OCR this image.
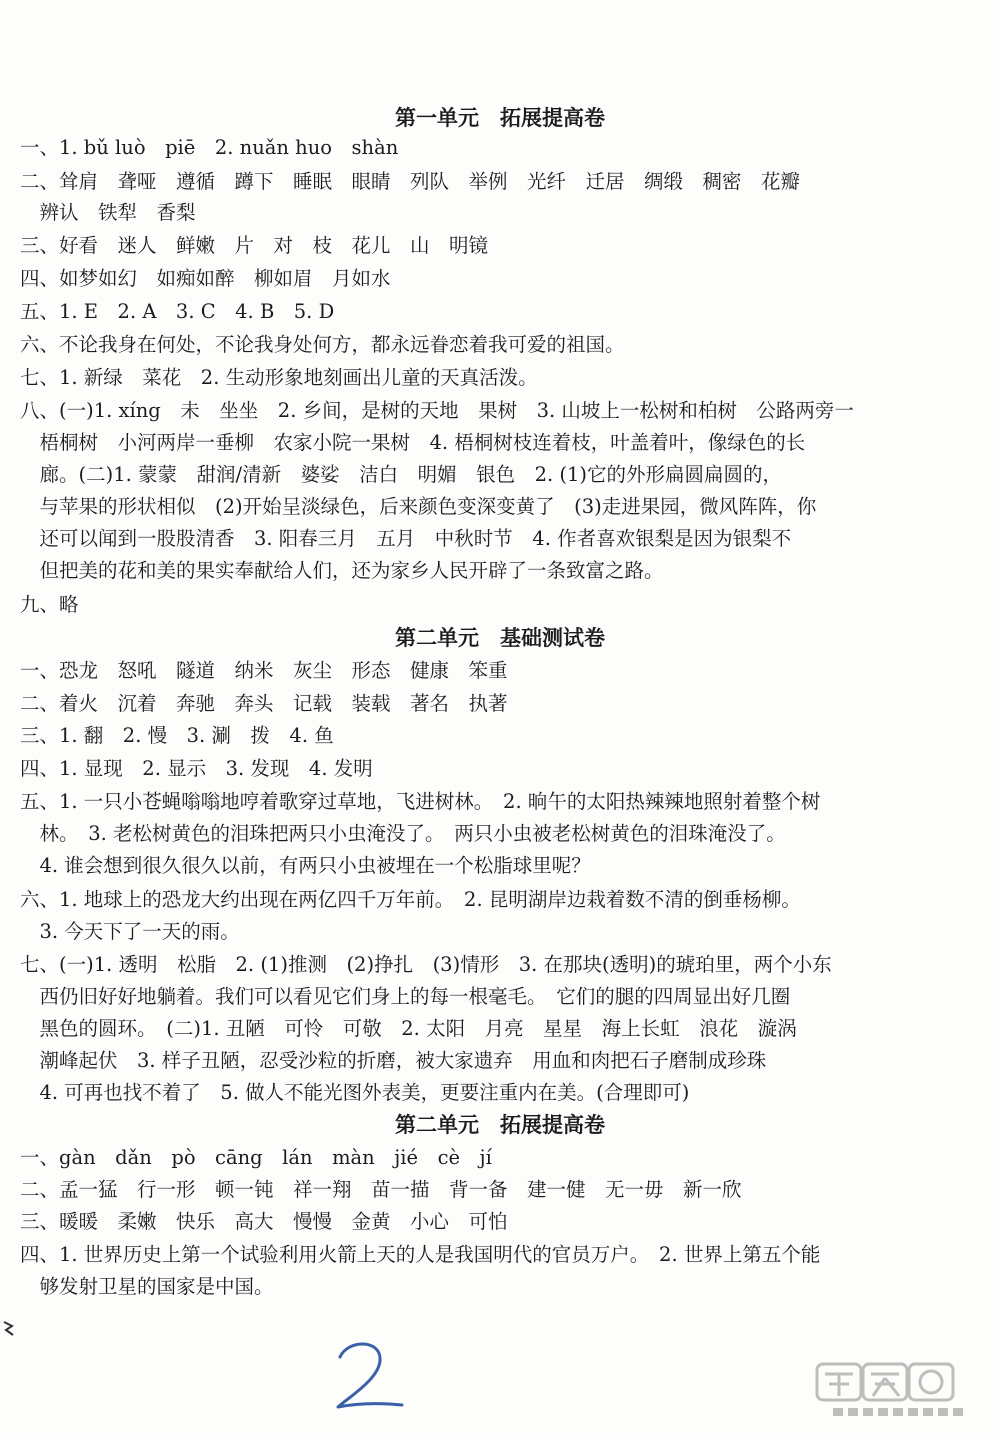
第一单元　拓展提高卷
一、1. bǔ luò　piē　2. nuǎn huo　shàn
二、耸肩　聋哑　遵循　蹲下　睡眠　眼睛　列队　举例　光纤　迁居　绸缎　稠密　花瓣
　辨认　铁犁　香梨
三、好看　迷人　鲜嫩　片　对　枝　花儿　山　明镜
四、如梦如幻　如痴如醉　柳如眉　月如水
五、1. E　2. A　3. C　4. B　5. D
六、不论我身在何处，不论我身处何方，都永远眷恋着我可爱的祖国。
七、1. 新绿　菜花　2. 生动形象地刻画出儿童的天真活泼。
八、(一)1. xíng　未　坐坐　2. 乡间，是树的天地　果树　3. 山坡上一松树和柏树　公路两旁一
　梧桐树　小河两岸一垂柳　农家小院一果树　4. 梧桐树枝连着枝，叶盖着叶，像绿色的长
　廊。(二)1. 蒙蒙　甜润/清新　婆娑　洁白　明媚　银色　2. (1)它的外形扁圆扁圆的，
　与苹果的形状相似　(2)开始呈淡绿色，后来颜色变深变黄了　(3)走进果园，微风阵阵，你
　还可以闻到一股股清香　3. 阳春三月　五月　中秋时节　4. 作者喜欢银梨是因为银梨不
　但把美的花和美的果实奉献给人们，还为家乡人民开辟了一条致富之路。
九、略
第二单元　基础测试卷
一、恐龙　怒吼　隧道　纳米　灰尘　形态　健康　笨重
二、着火　沉着　奔驰　奔头　记载　装载　著名　执著
三、1. 翻　2. 慢　3. 涮　拨　4. 鱼
四、1. 显现　2. 显示　3. 发现　4. 发明
五、1. 一只小苍蝇嗡嗡地哼着歌穿过草地，飞进树林。　2. 晌午的太阳热辣辣地照射着整个树
　林。　3. 老松树黄色的泪珠把两只小虫淹没了。　两只小虫被老松树黄色的泪珠淹没了。
　4. 谁会想到很久很久以前，有两只小虫被埋在一个松脂球里呢？
六、1. 地球上的恐龙大约出现在两亿四千万年前。　2. 昆明湖岸边栽着数不清的倒垂杨柳。
　3. 今天下了一天的雨。
七、(一)1. 透明　松脂　2. (1)推测　(2)挣扎　(3)情形　3. 在那块(透明)的琥珀里，两个小东
　西仍旧好好地躺着。我们可以看见它们身上的每一根毫毛。　它们的腿的四周显出好几圈
　黑色的圆环。　(二)1. 丑陋　可怜　可敬　2. 太阳　月亮　星星　海上长虹　浪花　漩涡
　潮峰起伏　3. 样子丑陋，忍受沙粒的折磨，被大家遗弃　用血和肉把石子磨制成珍珠
　4. 可再也找不着了　5. 做人不能光图外表美，更要注重内在美。(合理即可)
第二单元　拓展提高卷
一、gàn　dǎn　pò　cāng　lán　màn　jié　cè　jí
二、孟一猛　行一形　顿一钝　祥一翔　苗一描　背一备　建一健　无一毋　新一欣
三、暖暖　柔嫩　快乐　高大　慢慢　金黄　小心　可怕
四、1. 世界历史上第一个试验利用火箭上天的人是我国明代的官员万户。　2. 世界上第五个能
　够发射卫星的国家是中国。
